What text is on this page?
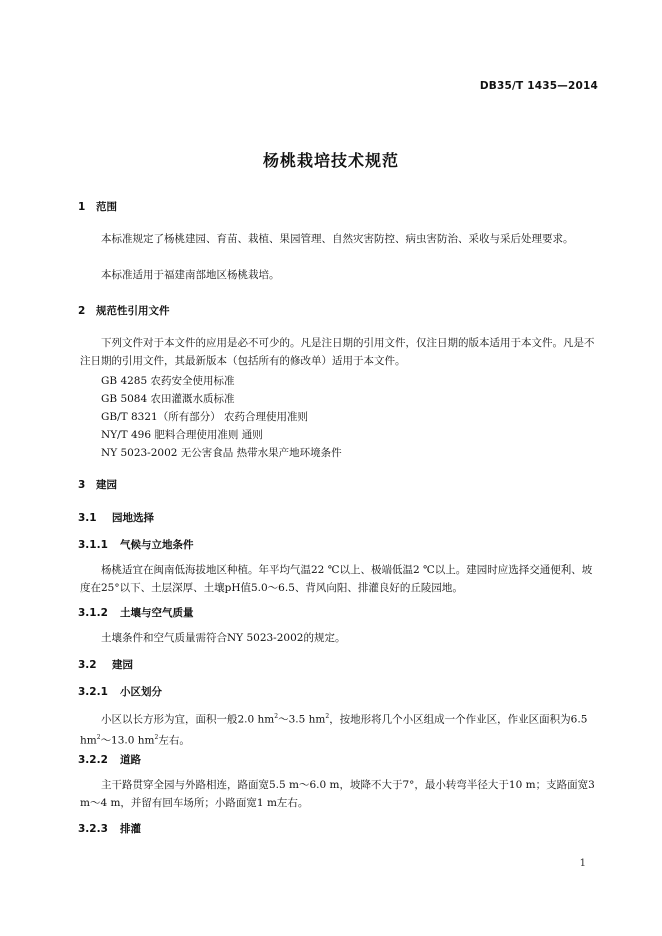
DB35/T 1435—2014
杨桃栽培技术规范
1 范围
本标准规定了杨桃建园、育苗、栽植、果园管理、自然灾害防控、病虫害防治、采收与采后处理要求。
本标准适用于福建南部地区杨桃栽培。
2 规范性引用文件
下列文件对于本文件的应用是必不可少的。凡是注日期的引用文件，仅注日期的版本适用于本文件。凡是不注日期的引用文件，其最新版本（包括所有的修改单）适用于本文件。
GB 4285 农药安全使用标准
GB 5084 农田灌溉水质标准
GB/T 8321（所有部分） 农药合理使用准则
NY/T 496 肥料合理使用准则 通则
NY 5023-2002 无公害食品 热带水果产地环境条件
3 建园
3.1 园地选择
3.1.1 气候与立地条件
杨桃适宜在闽南低海拔地区种植。年平均气温22 ℃以上、极端低温2 ℃以上。建园时应选择交通便利、坡度在25°以下、土层深厚、土壤pH值5.0～6.5、背风向阳、排灌良好的丘陵园地。
3.1.2 土壤与空气质量
土壤条件和空气质量需符合NY 5023-2002的规定。
3.2 建园
3.2.1 小区划分
小区以长方形为宜，面积一般2.0 $hm^2\sim 3.5$ $hm^2$，按地形将几个小区组成一个作业区，作业区面积为6.5 $hm^2\sim 13.0$ $hm^2$左右。
3.2.2 道路
主干路贯穿全园与外路相连，路面宽5.5 m～6.0 m，坡降不大于7°，最小转弯半径大于10 m；支路面宽3 m～4 m，并留有回车场所；小路面宽1 m左右。
3.2.3 排灌
1
